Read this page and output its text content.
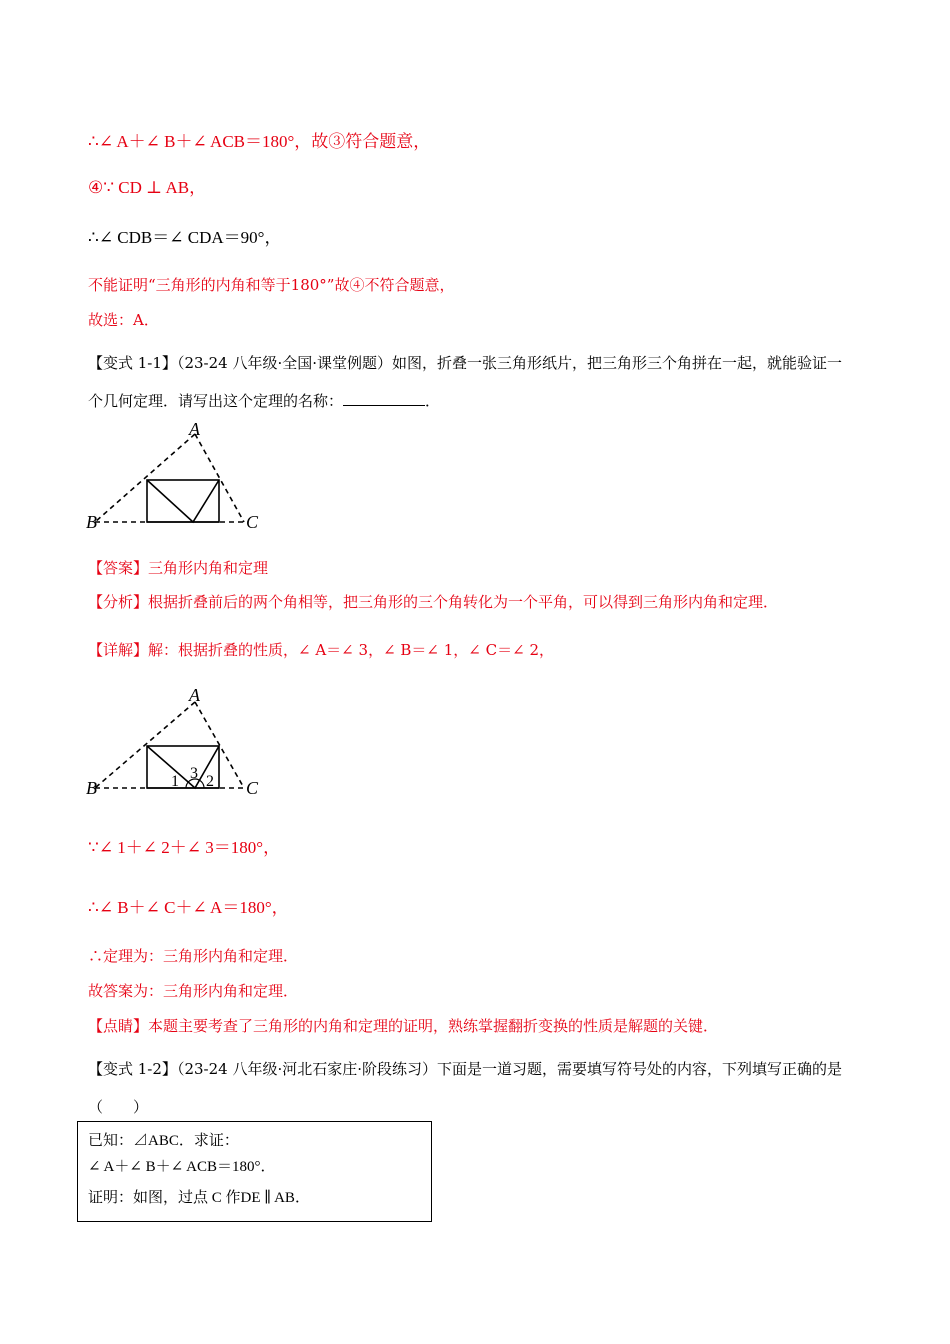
∴∠ A＋∠ B＋∠ ACB＝180°，故③符合题意，
④∵ CD ⊥ AB，
∴∠ CDB＝∠ CDA＝90°，
不能证明“三角形的内角和等于180°”故④不符合题意，
故选：A．
【变式 1-1】（23-24 八年级·全国·课堂例题）如图，折叠一张三角形纸片，把三角形三个角拼在一起，就能验证一个几何定理．请写出这个定理的名称：	．
A
B	C
【答案】三角形内角和定理
【分析】根据折叠前后的两个角相等，把三角形的三个角转化为一个平角，可以得到三角形内角和定理．
【详解】解：根据折叠的性质，∠ A＝∠ 3，∠ B＝∠ 1，∠ C＝∠ 2，
A
B	C
1 3 2
∵∠ 1＋∠ 2＋∠ 3＝180°，
∴∠ B＋∠ C＋∠ A＝180°，
∴定理为：三角形内角和定理．
故答案为：三角形内角和定理．
【点睛】本题主要考查了三角形的内角和定理的证明，熟练掌握翻折变换的性质是解题的关键．
【变式 1-2】（23-24 八年级·河北石家庄·阶段练习）下面是一道习题，需要填写符号处的内容，下列填写正确的是（　　）
已知：⊿ABC．求证：
∠ A＋∠ B＋∠ ACB＝180°．
证明：如图，过点 C 作DE ∥ AB．
